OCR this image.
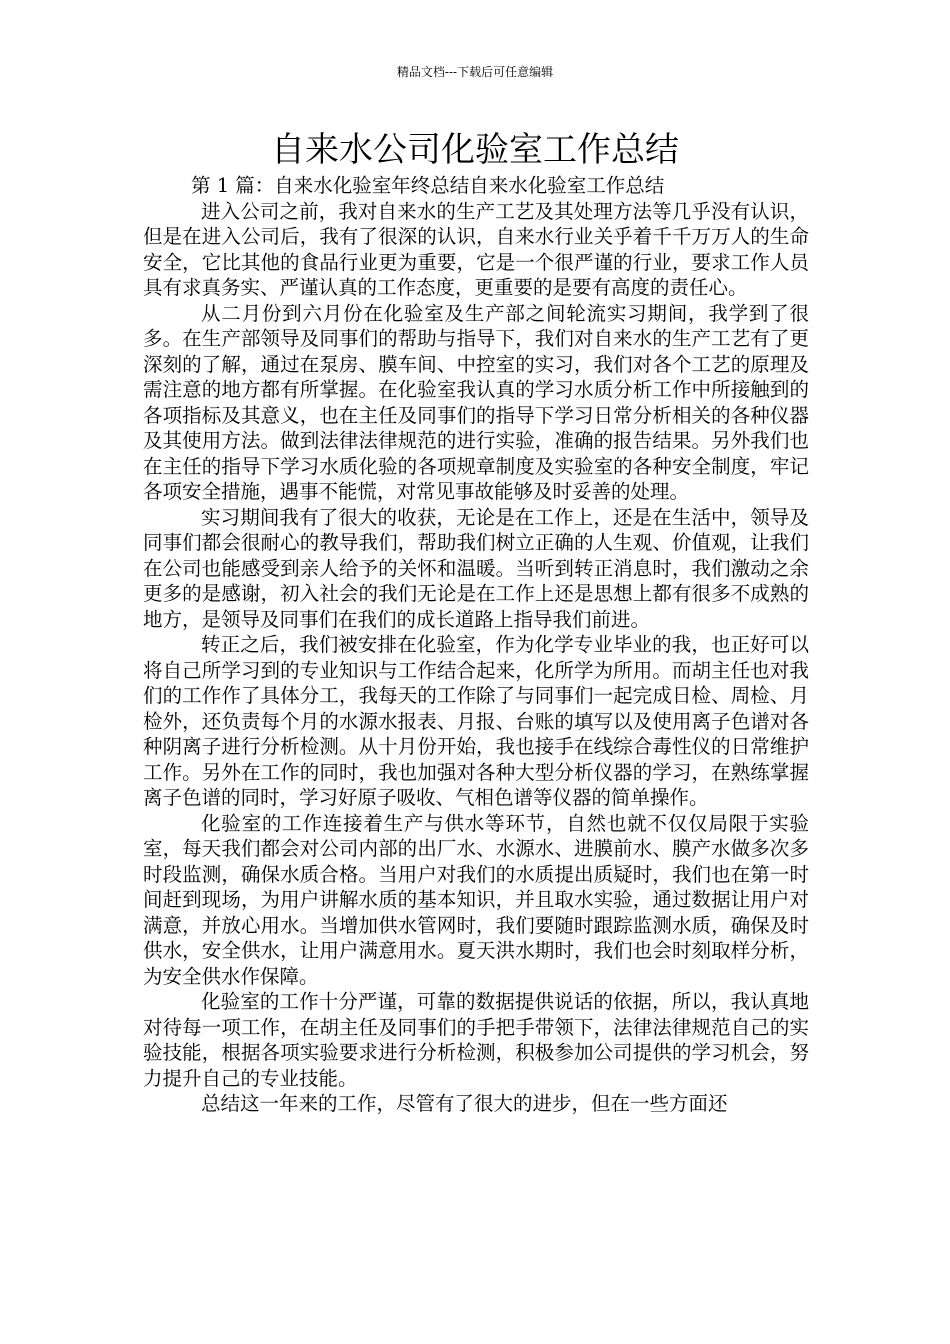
精品文档---下载后可任意编辑
自来水公司化验室工作总结

第 1 篇：自来水化验室年终总结自来水化验室工作总结

进入公司之前，我对自来水的生产工艺及其处理方法等几乎没有认识，但是在进入公司后，我有了很深的认识，自来水行业关乎着千千万万人的生命安全，它比其他的食品行业更为重要，它是一个很严谨的行业，要求工作人员具有求真务实、严谨认真的工作态度，更重要的是要有高度的责任心。

从二月份到六月份在化验室及生产部之间轮流实习期间，我学到了很多。在生产部领导及同事们的帮助与指导下，我们对自来水的生产工艺有了更深刻的了解，通过在泵房、膜车间、中控室的实习，我们对各个工艺的原理及需注意的地方都有所掌握。在化验室我认真的学习水质分析工作中所接触到的各项指标及其意义，也在主任及同事们的指导下学习日常分析相关的各种仪器及其使用方法。做到法律法律规范的进行实验，准确的报告结果。另外我们也在主任的指导下学习水质化验的各项规章制度及实验室的各种安全制度，牢记各项安全措施，遇事不能慌，对常见事故能够及时妥善的处理。

实习期间我有了很大的收获，无论是在工作上，还是在生活中，领导及同事们都会很耐心的教导我们，帮助我们树立正确的人生观、价值观，让我们在公司也能感受到亲人给予的关怀和温暖。当听到转正消息时，我们激动之余更多的是感谢，初入社会的我们无论是在工作上还是思想上都有很多不成熟的地方，是领导及同事们在我们的成长道路上指导我们前进。

转正之后，我们被安排在化验室，作为化学专业毕业的我，也正好可以将自己所学习到的专业知识与工作结合起来，化所学为所用。而胡主任也对我们的工作作了具体分工，我每天的工作除了与同事们一起完成日检、周检、月检外，还负责每个月的水源水报表、月报、台账的填写以及使用离子色谱对各种阴离子进行分析检测。从十月份开始，我也接手在线综合毒性仪的日常维护工作。另外在工作的同时，我也加强对各种大型分析仪器的学习，在熟练掌握离子色谱的同时，学习好原子吸收、气相色谱等仪器的简单操作。

化验室的工作连接着生产与供水等环节，自然也就不仅仅局限于实验室，每天我们都会对公司内部的出厂水、水源水、进膜前水、膜产水做多次多时段监测，确保水质合格。当用户对我们的水质提出质疑时，我们也在第一时间赶到现场，为用户讲解水质的基本知识，并且取水实验，通过数据让用户对满意，并放心用水。当增加供水管网时，我们要随时跟踪监测水质，确保及时供水，安全供水，让用户满意用水。夏天洪水期时，我们也会时刻取样分析，为安全供水作保障。

化验室的工作十分严谨，可靠的数据提供说话的依据，所以，我认真地对待每一项工作，在胡主任及同事们的手把手带领下，法律法律规范自己的实验技能，根据各项实验要求进行分析检测，积极参加公司提供的学习机会，努力提升自己的专业技能。

总结这一年来的工作，尽管有了很大的进步，但在一些方面还
